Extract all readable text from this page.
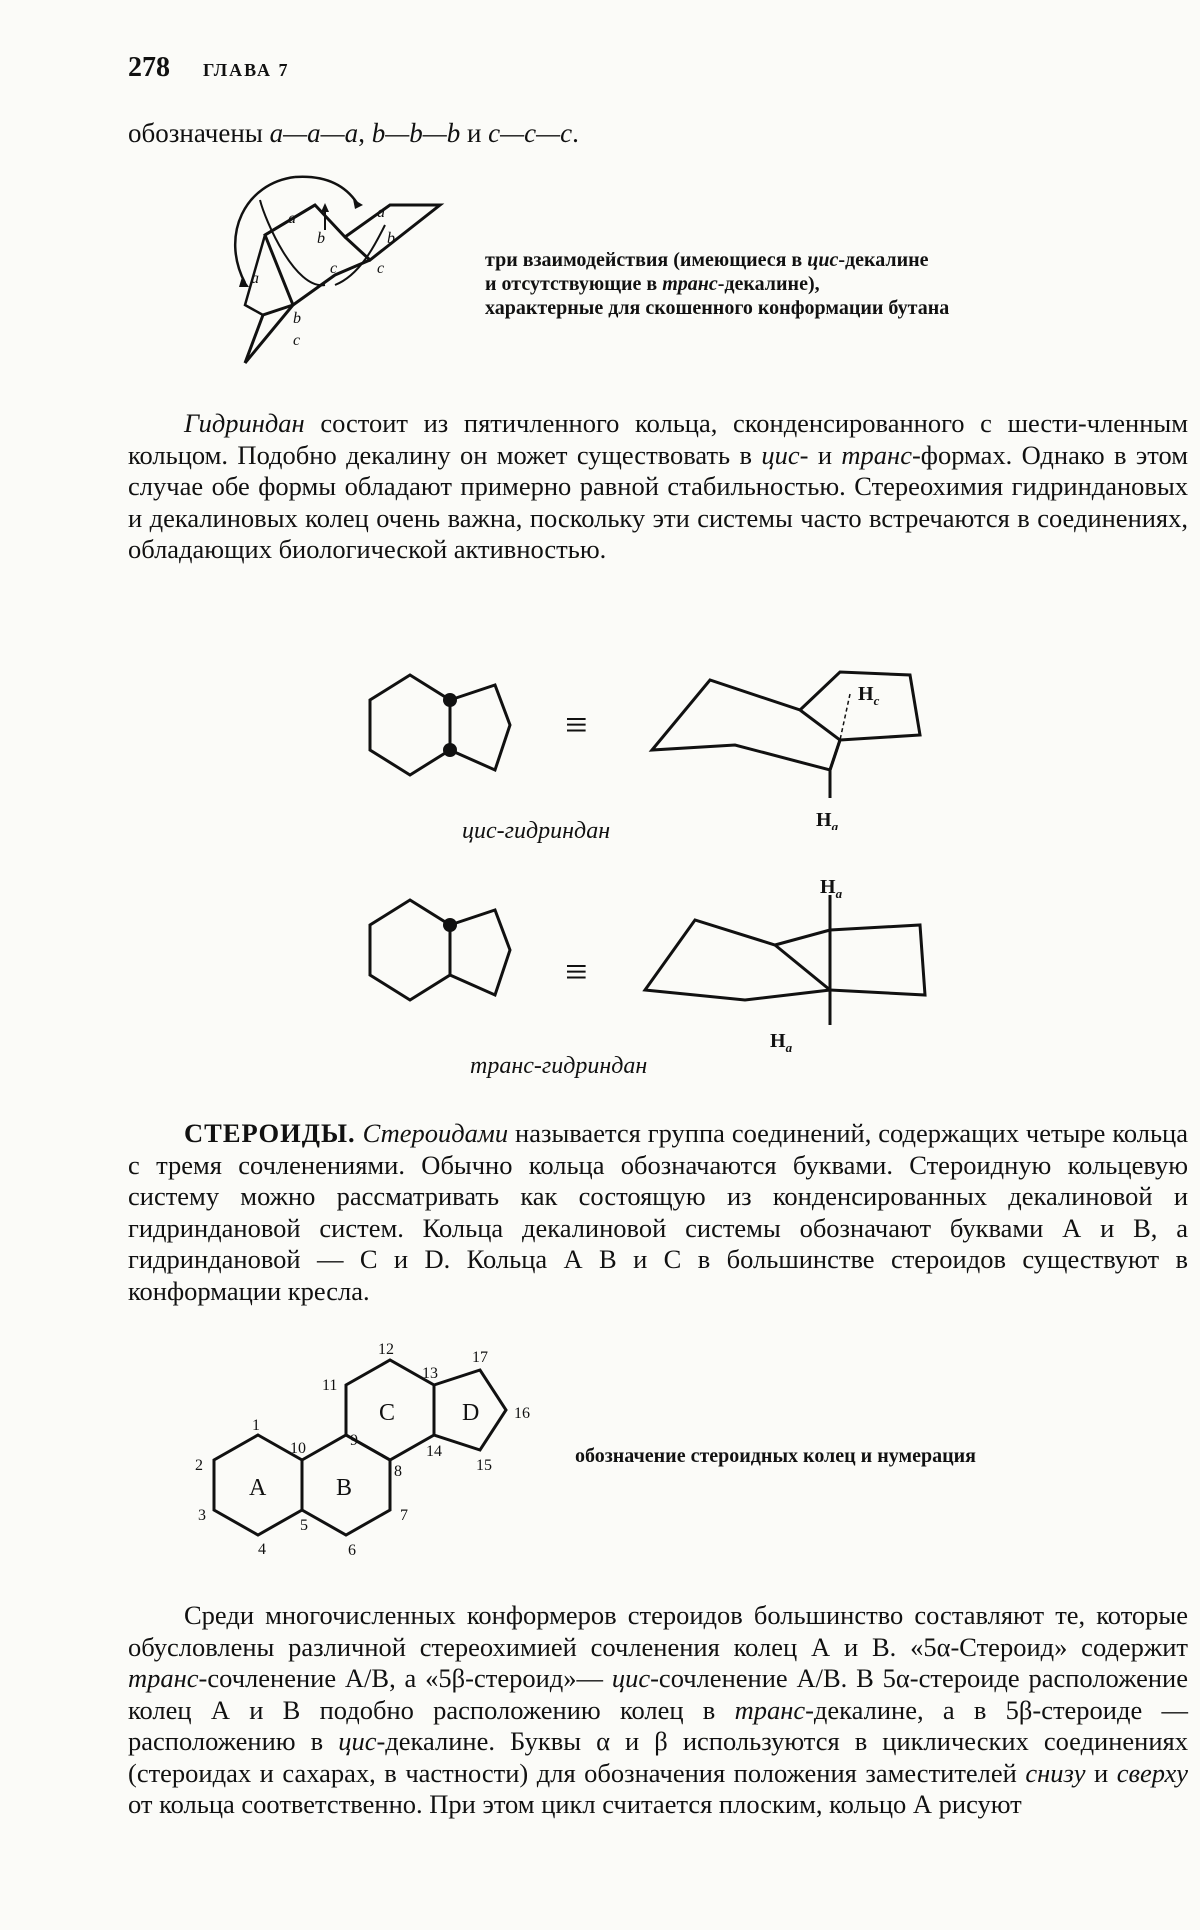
278 ГЛАВА 7
обозначены a—a—a, b—b—b и c—c—c.
a	a
a
b	b
b
c c
c
три взаимодействия (имеющиеся в цис-декалине
и отсутствующие в транс-декалине),
характерные для скошенного конформации бутана

Гидриндан состоит из пятичленного кольца, сконденсированного с шести-членным кольцом. Подобно декалину он может существовать в цис- и транс-формах. Однако в этом случае обе формы обладают примерно равной стабильностью. Стереохимия гидриндановых и декалиновых колец очень важна, поскольку эти системы часто встречаются в соединениях, обладающих биологической активностью.

≡
$H_c$
$H_a$
цис-гидриндан
≡
$H_a$
$H_a$
транс-гидриндан

СТЕРОИДЫ. Стероидами называется группа соединений, содержащих четыре кольца с тремя сочленениями. Обычно кольца обозначаются буквами. Стероидную кольцевую систему можно рассматривать как состоящую из конденсированных декалиновой и гидриндановой систем. Кольца декалиновой системы обозначают буквами А и В, а гидриндановой — С и D. Кольца А В и С в большинстве стероидов существуют в конформации кресла.

1
2
3
4
5
6
7
8
9
10
11
12
13
14
15
16
17
A	B
C	D
обозначение стероидных колец и нумерация

Среди многочисленных конформеров стероидов большинство составляют те, которые обусловлены различной стереохимией сочленения колец А и В. «5α-Стероид» содержит транс-сочленение А/В, а «5β-стероид»— цис-сочленение А/В. В 5α-стероиде расположение колец А и В подобно расположению колец в транс-декалине, а в 5β-стероиде — расположению в цис-декалине. Буквы α и β используются в циклических соединениях (стероидах и сахарах, в частности) для обозначения положения заместителей снизу и сверху от кольца соответственно. При этом цикл считается плоским, кольцо А рисуют
